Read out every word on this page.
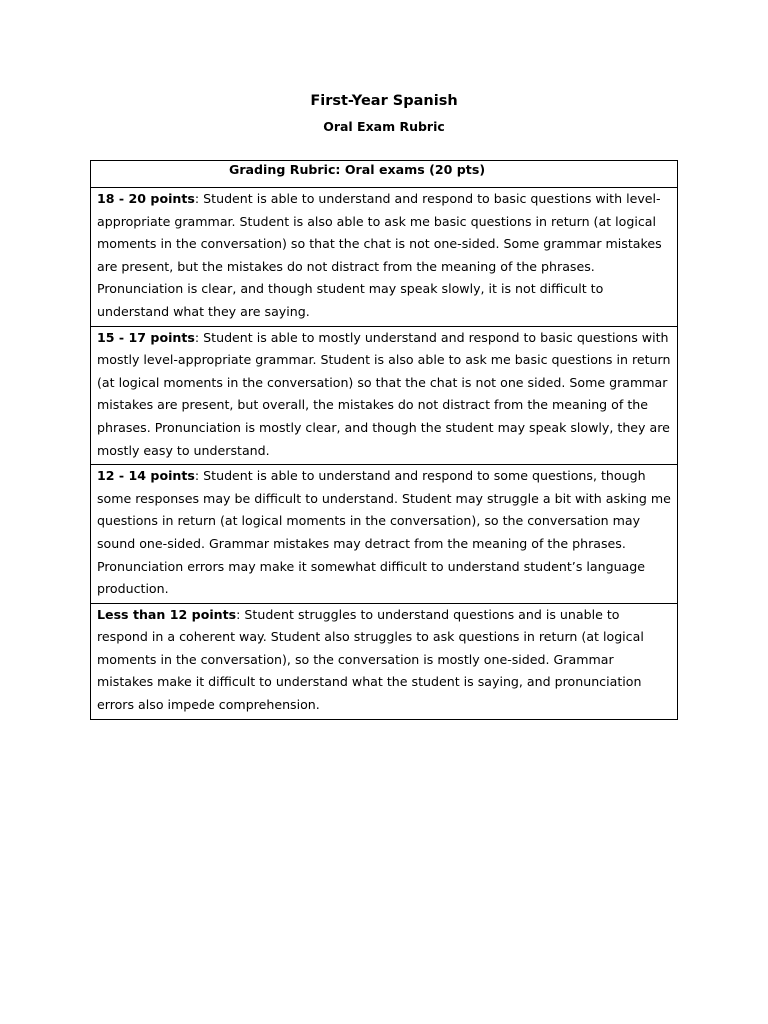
First-Year Spanish
Oral Exam Rubric
Grading Rubric: Oral exams (20 pts)

18 - 20 points: Student is able to understand and respond to basic questions with level-appropriate grammar. Student is also able to ask me basic questions in return (at logical moments in the conversation) so that the chat is not one-sided. Some grammar mistakes are present, but the mistakes do not distract from the meaning of the phrases. Pronunciation is clear, and though student may speak slowly, it is not difficult to understand what they are saying.
15 - 17 points: Student is able to mostly understand and respond to basic questions with mostly level-appropriate grammar. Student is also able to ask me basic questions in return (at logical moments in the conversation) so that the chat is not one sided. Some grammar mistakes are present, but overall, the mistakes do not distract from the meaning of the phrases. Pronunciation is mostly clear, and though the student may speak slowly, they are mostly easy to understand.
12 - 14 points: Student is able to understand and respond to some questions, though some responses may be difficult to understand. Student may struggle a bit with asking me questions in return (at logical moments in the conversation), so the conversation may sound one-sided. Grammar mistakes may detract from the meaning of the phrases. Pronunciation errors may make it somewhat difficult to understand student’s language production.
Less than 12 points: Student struggles to understand questions and is unable to respond in a coherent way. Student also struggles to ask questions in return (at logical moments in the conversation), so the conversation is mostly one-sided. Grammar mistakes make it difficult to understand what the student is saying, and pronunciation errors also impede comprehension.
